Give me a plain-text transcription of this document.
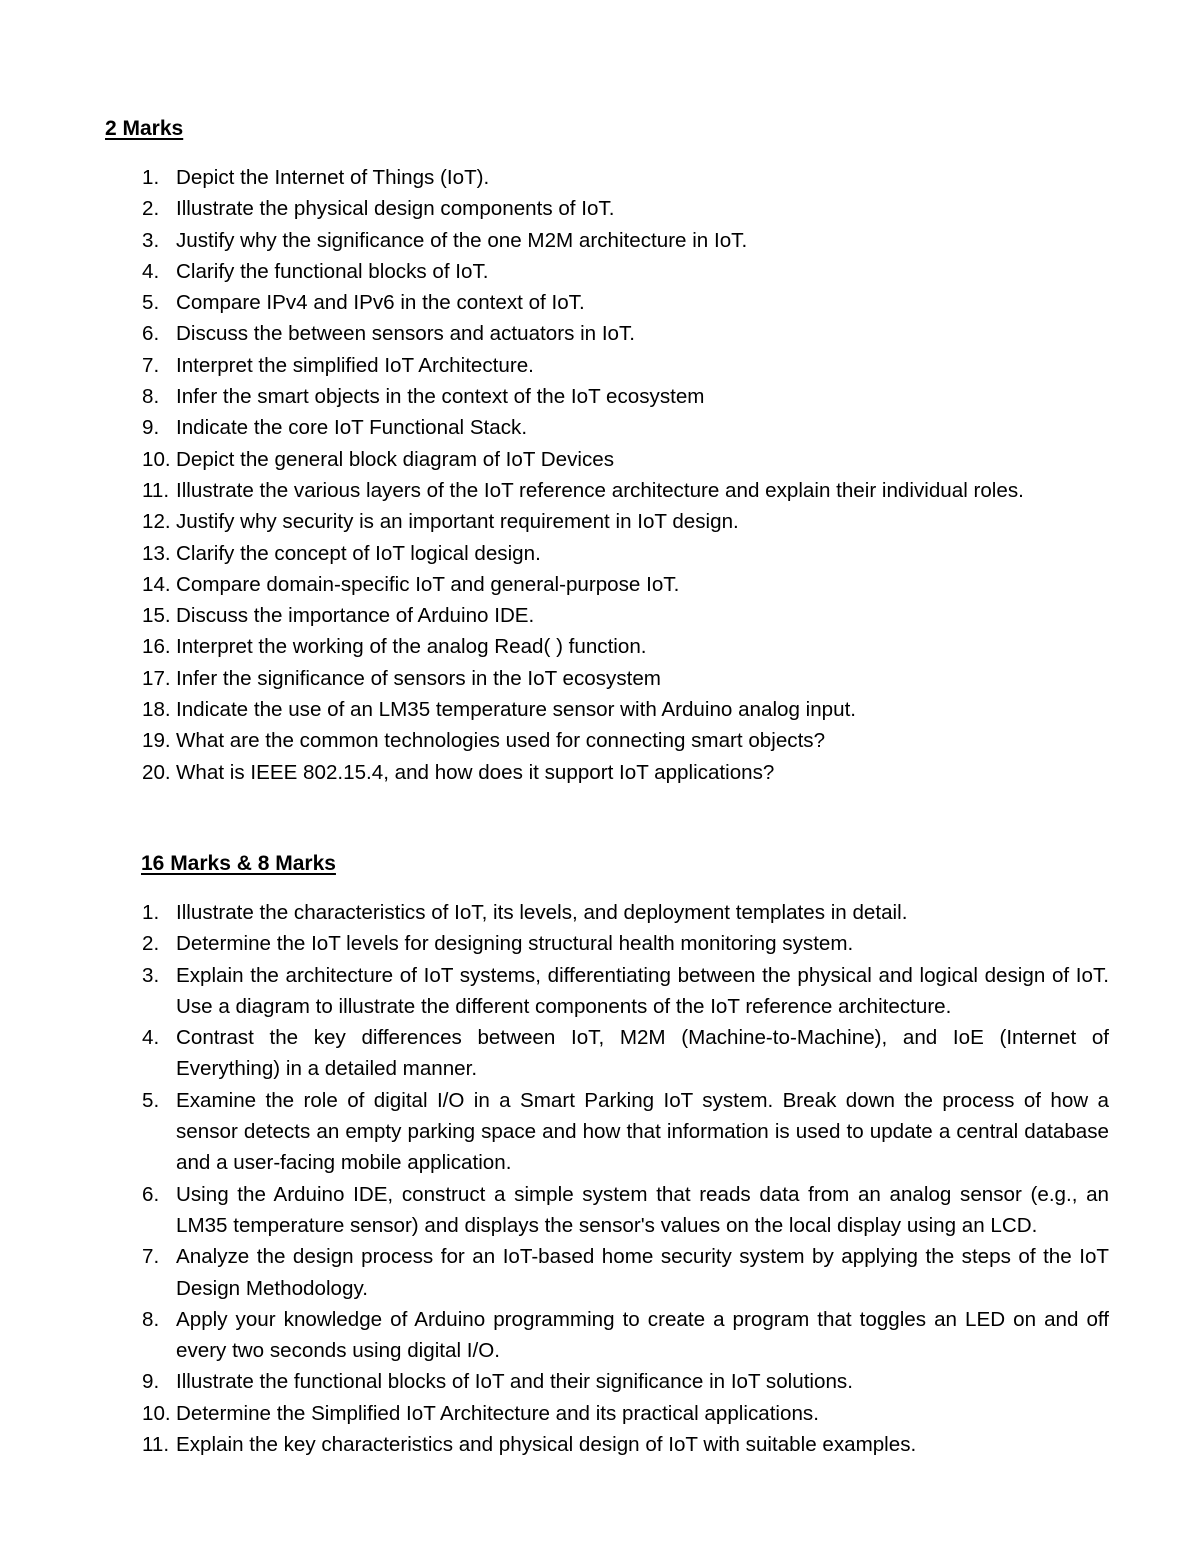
2 Marks
1. Depict the Internet of Things (IoT).
2. Illustrate the physical design components of IoT.
3. Justify why the significance of the one M2M architecture in IoT.
4. Clarify the functional blocks of IoT.
5. Compare IPv4 and IPv6 in the context of IoT.
6. Discuss the between sensors and actuators in IoT.
7. Interpret the simplified IoT Architecture.
8. Infer the smart objects in the context of the IoT ecosystem
9. Indicate the core IoT Functional Stack.
10. Depict the general block diagram of IoT Devices
11. Illustrate the various layers of the IoT reference architecture and explain their individual roles.
12. Justify why security is an important requirement in IoT design.
13. Clarify the concept of IoT logical design.
14. Compare domain-specific IoT and general-purpose IoT.
15. Discuss the importance of Arduino IDE.
16. Interpret the working of the analog Read( ) function.
17. Infer the significance of sensors in the IoT ecosystem
18. Indicate the use of an LM35 temperature sensor with Arduino analog input.
19. What are the common technologies used for connecting smart objects?
20. What is IEEE 802.15.4, and how does it support IoT applications?
16 Marks & 8 Marks
1. Illustrate the characteristics of IoT, its levels, and deployment templates in detail.
2. Determine the IoT levels for designing structural health monitoring system.
3. Explain the architecture of IoT systems, differentiating between the physical and logical design of IoT. Use a diagram to illustrate the different components of the IoT reference architecture.
4. Contrast the key differences between IoT, M2M (Machine-to-Machine), and IoE (Internet of Everything) in a detailed manner.
5. Examine the role of digital I/O in a Smart Parking IoT system. Break down the process of how a sensor detects an empty parking space and how that information is used to update a central database and a user-facing mobile application.
6. Using the Arduino IDE, construct a simple system that reads data from an analog sensor (e.g., an LM35 temperature sensor) and displays the sensor's values on the local display using an LCD.
7. Analyze the design process for an IoT-based home security system by applying the steps of the IoT Design Methodology.
8. Apply your knowledge of Arduino programming to create a program that toggles an LED on and off every two seconds using digital I/O.
9. Illustrate the functional blocks of IoT and their significance in IoT solutions.
10. Determine the Simplified IoT Architecture and its practical applications.
11. Explain the key characteristics and physical design of IoT with suitable examples.
